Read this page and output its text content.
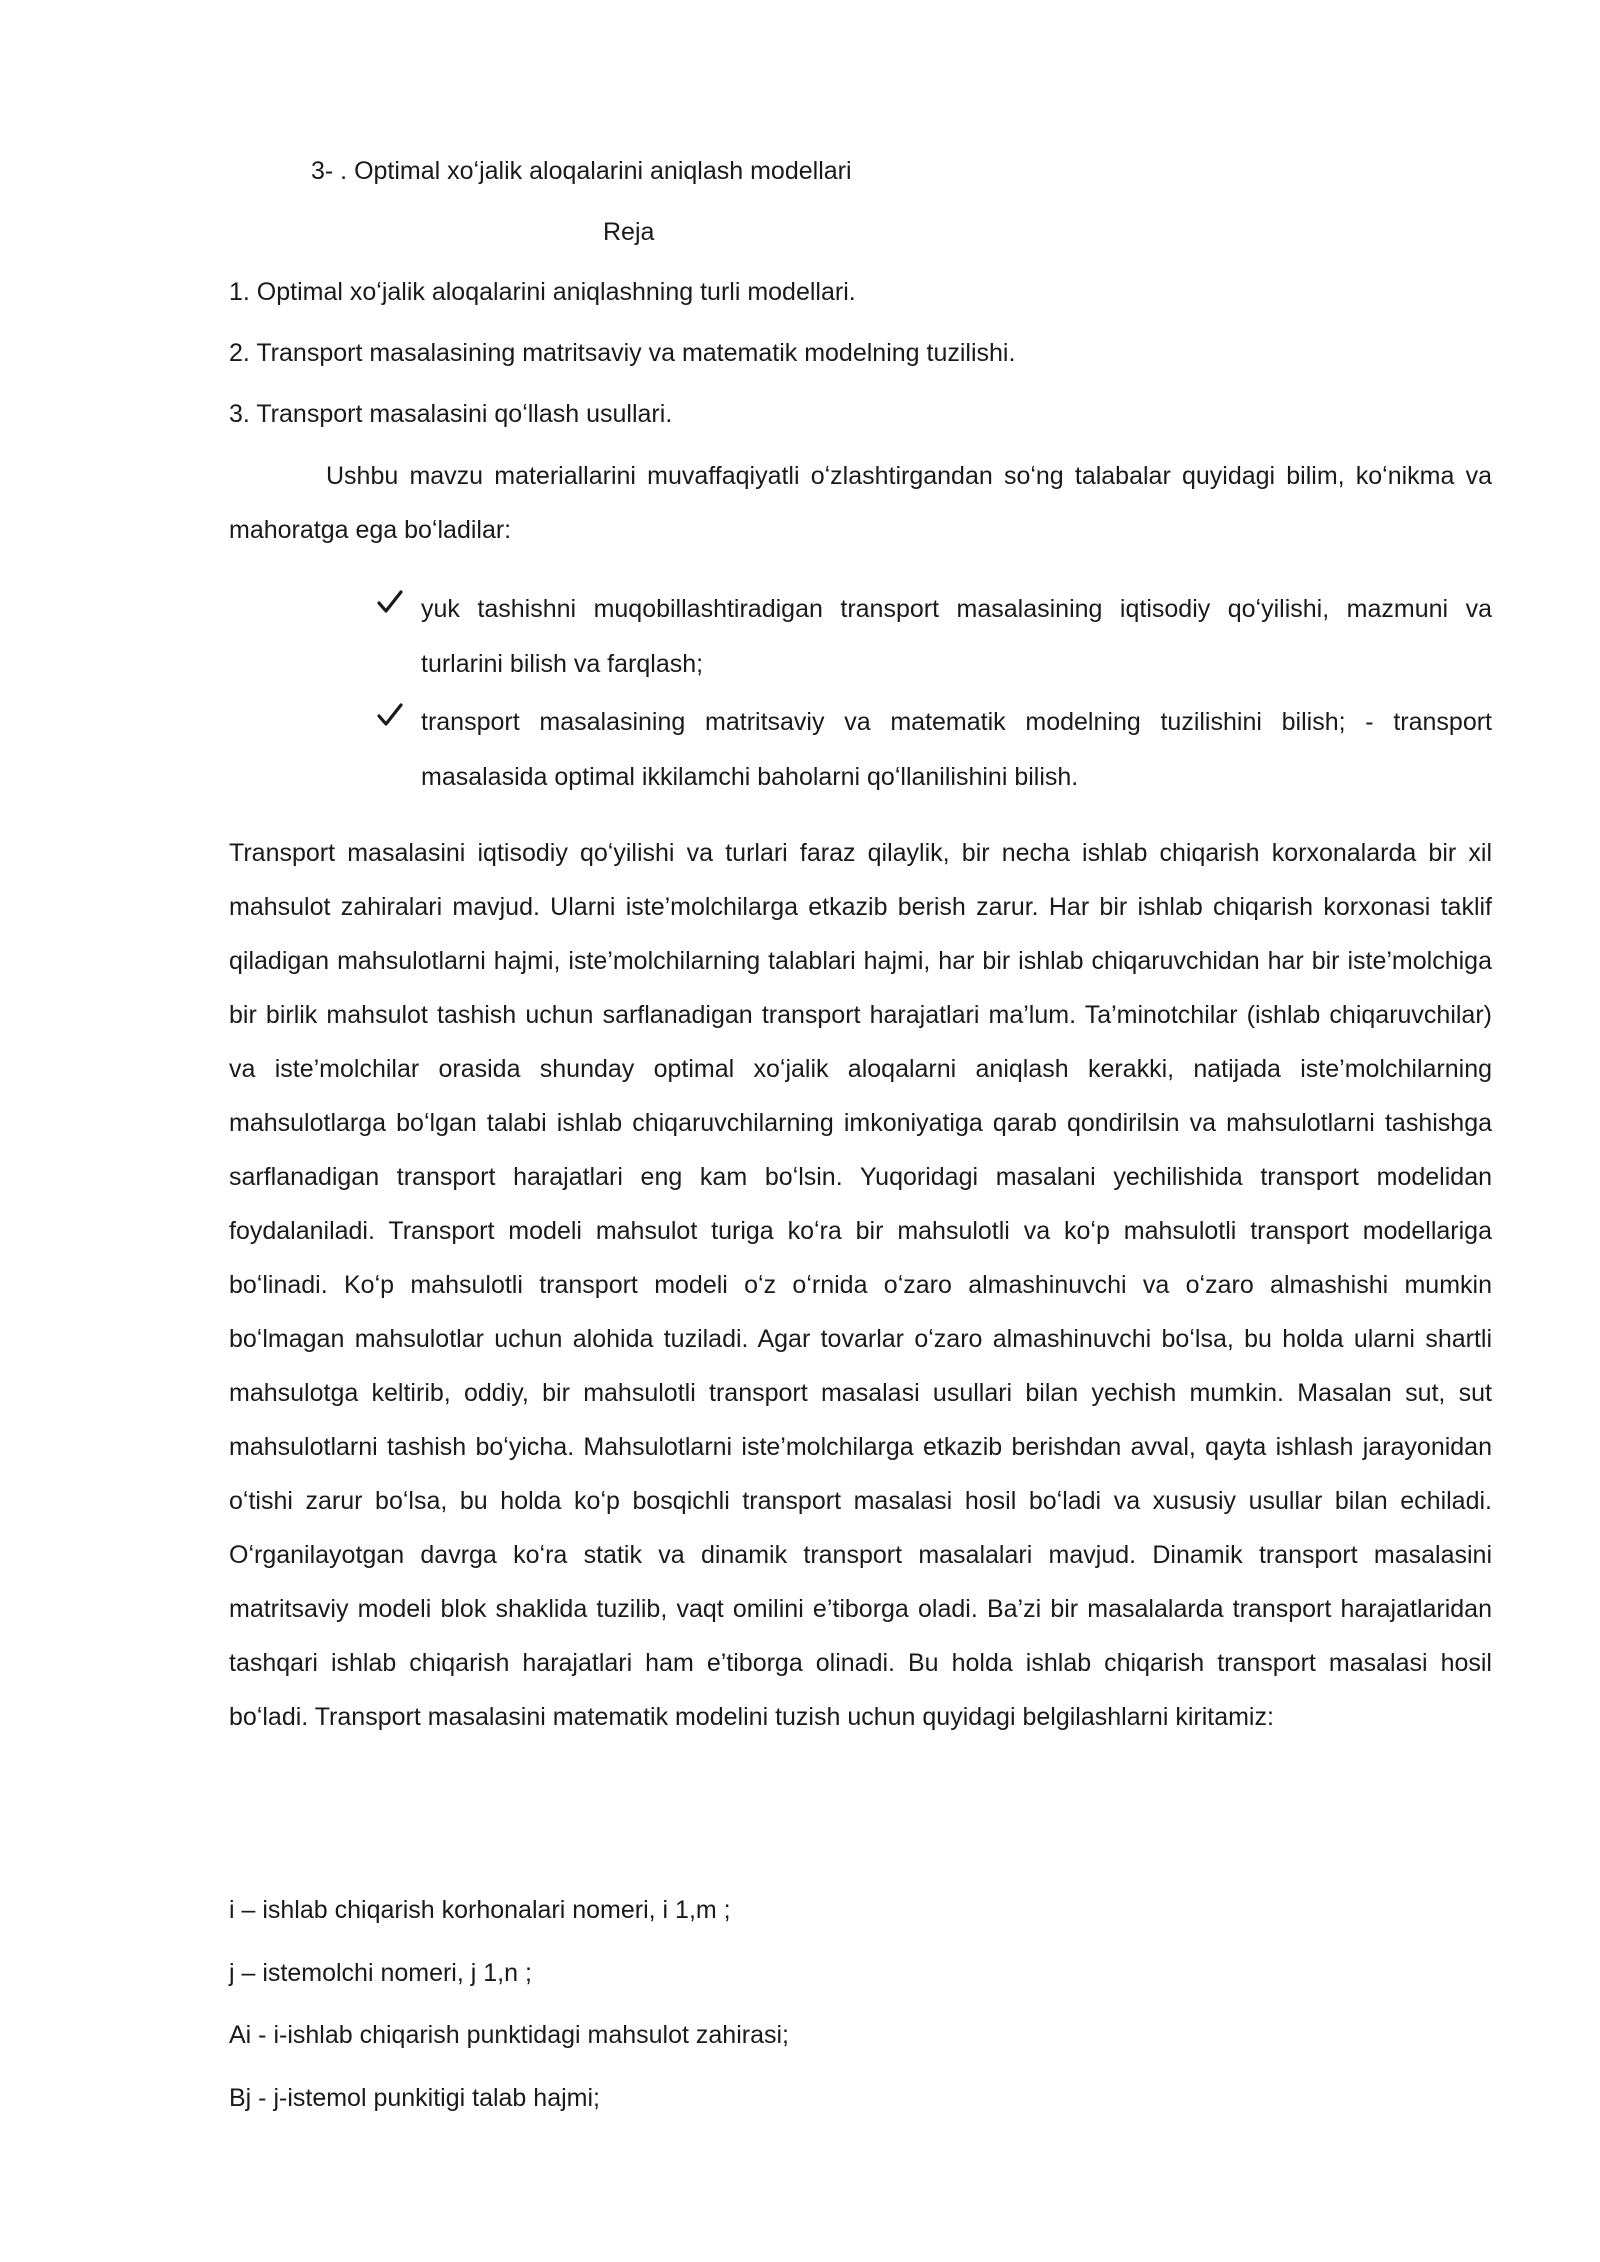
3- . Optimal xoʻjalik aloqalarini aniqlash modellari
Reja
1. Optimal xoʻjalik aloqalarini aniqlashning turli modellari.
2. Transport masalasining matritsaviy va matematik modelning tuzilishi.
3. Transport masalasini qoʻllash usullari.
Ushbu mavzu materiallarini muvaffaqiyatli oʻzlashtirgandan soʻng talabalar quyidagi bilim, koʻnikma va mahoratga ega boʻladilar:
yuk tashishni muqobillashtiradigan transport masalasining iqtisodiy qoʻyilishi, mazmuni va turlarini bilish va farqlash;
transport masalasining matritsaviy va matematik modelning tuzilishini bilish; - transport masalasida optimal ikkilamchi baholarni qoʻllanilishini bilish.
Transport masalasini iqtisodiy qoʻyilishi va turlari faraz qilaylik, bir necha ishlab chiqarish korxonalarda bir xil mahsulot zahiralari mavjud. Ularni iste’molchilarga etkazib berish zarur. Har bir ishlab chiqarish korxonasi taklif qiladigan mahsulotlarni hajmi, iste’molchilarning talablari hajmi, har bir ishlab chiqaruvchidan har bir iste’molchiga bir birlik mahsulot tashish uchun sarflanadigan transport harajatlari ma’lum. Ta’minotchilar (ishlab chiqaruvchilar) va iste’molchilar orasida shunday optimal xoʻjalik aloqalarni aniqlash kerakki, natijada iste’molchilarning mahsulotlarga boʻlgan talabi ishlab chiqaruvchilarning imkoniyatiga qarab qondirilsin va mahsulotlarni tashishga sarflanadigan transport harajatlari eng kam boʻlsin. Yuqoridagi masalani yechilishida transport modelidan foydalaniladi. Transport modeli mahsulot turiga koʻra bir mahsulotli va koʻp mahsulotli transport modellariga boʻlinadi. Koʻp mahsulotli transport modeli oʻz oʻrnida oʻzaro almashinuvchi va oʻzaro almashishi mumkin boʻlmagan mahsulotlar uchun alohida tuziladi. Agar tovarlar oʻzaro almashinuvchi boʻlsa, bu holda ularni shartli mahsulotga keltirib, oddiy, bir mahsulotli transport masalasi usullari bilan yechish mumkin. Masalan sut, sut mahsulotlarni tashish boʻyicha. Mahsulotlarni iste’molchilarga etkazib berishdan avval, qayta ishlash jarayonidan oʻtishi zarur boʻlsa, bu holda koʻp bosqichli transport masalasi hosil boʻladi va xususiy usullar bilan echiladi. Oʻrganilayotgan davrga koʻra statik va dinamik transport masalalari mavjud. Dinamik transport masalasini matritsaviy modeli blok shaklida tuzilib, vaqt omilini e’tiborga oladi. Ba’zi bir masalalarda transport harajatlaridan tashqari ishlab chiqarish harajatlari ham e’tiborga olinadi. Bu holda ishlab chiqarish transport masalasi hosil boʻladi. Transport masalasini matematik modelini tuzish uchun quyidagi belgilashlarni kiritamiz:
i – ishlab chiqarish korhonalari nomeri, i 1,m ;
j – istemolchi nomeri, j 1,n ;
Ai - i-ishlab chiqarish punktidagi mahsulot zahirasi;
Bj - j-istemol punkitigi talab hajmi;
